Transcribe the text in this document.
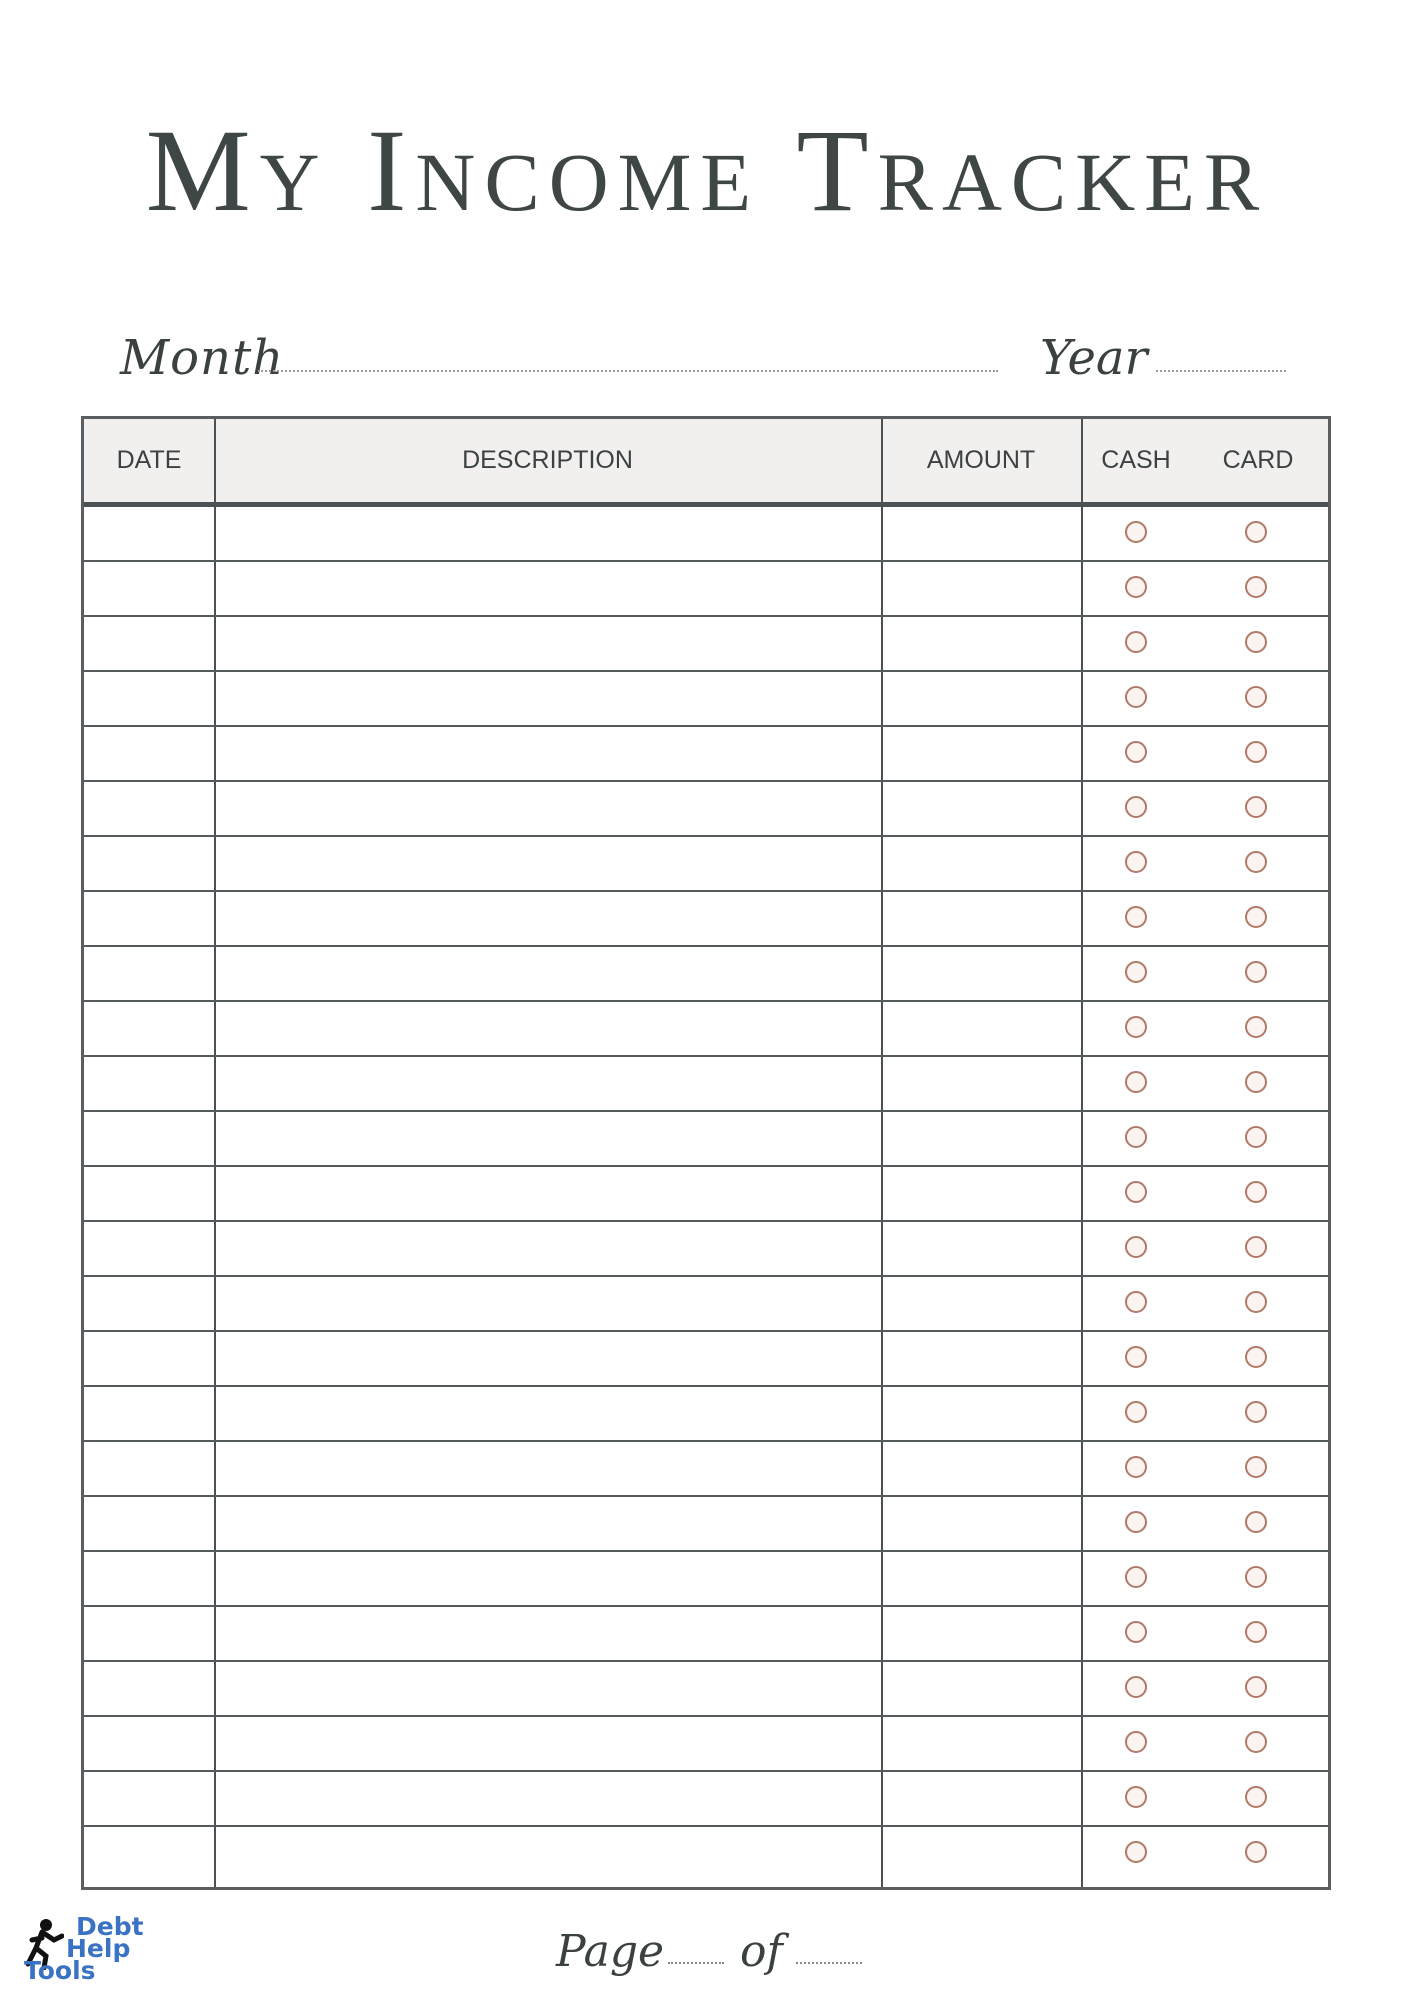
My Income Tracker
Month	Year
DATE	DESCRIPTION	AMOUNT	CASH	CARD
Page of
Debt
Help
Tools
